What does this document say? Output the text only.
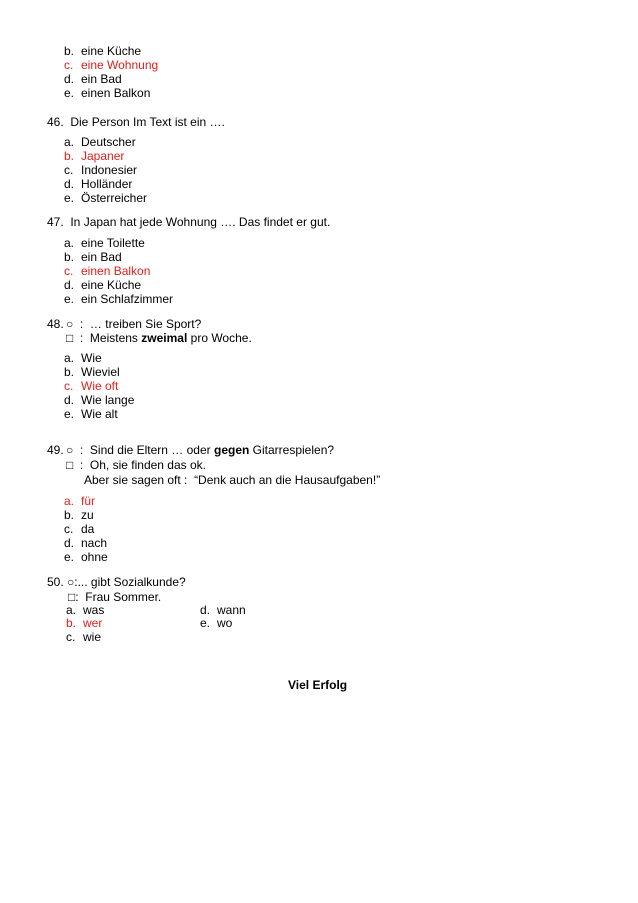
b. eine Küche
c. eine Wohnung
d. ein Bad
e. einen Balkon
46.  Die Person Im Text ist ein ….
a. Deutscher
b. Japaner
c. Indonesier
d. Holländer
e. Österreicher
47.  In Japan hat jede Wohnung …. Das findet er gut.
a. eine Toilette
b. ein Bad
c. einen Balkon
d. eine Küche
e. ein Schlafzimmer
48. ○  :  … treiben Sie Sport?
□  :  Meistens zweimal pro Woche.
a. Wie
b. Wieviel
c. Wie oft
d. Wie lange
e. Wie alt
49. ○  :  Sind die Eltern … oder gegen Gitarrespielen?
□  :  Oh, sie finden das ok.
Aber sie sagen oft :  “Denk auch an die Hausaufgaben!”
a. für
b. zu
c. da
d. nach
e. ohne
50. ○:... gibt Sozialkunde?
□:  Frau Sommer.
a. was
b. wer
c. wie
d. wann
e. wo
Viel Erfolg
